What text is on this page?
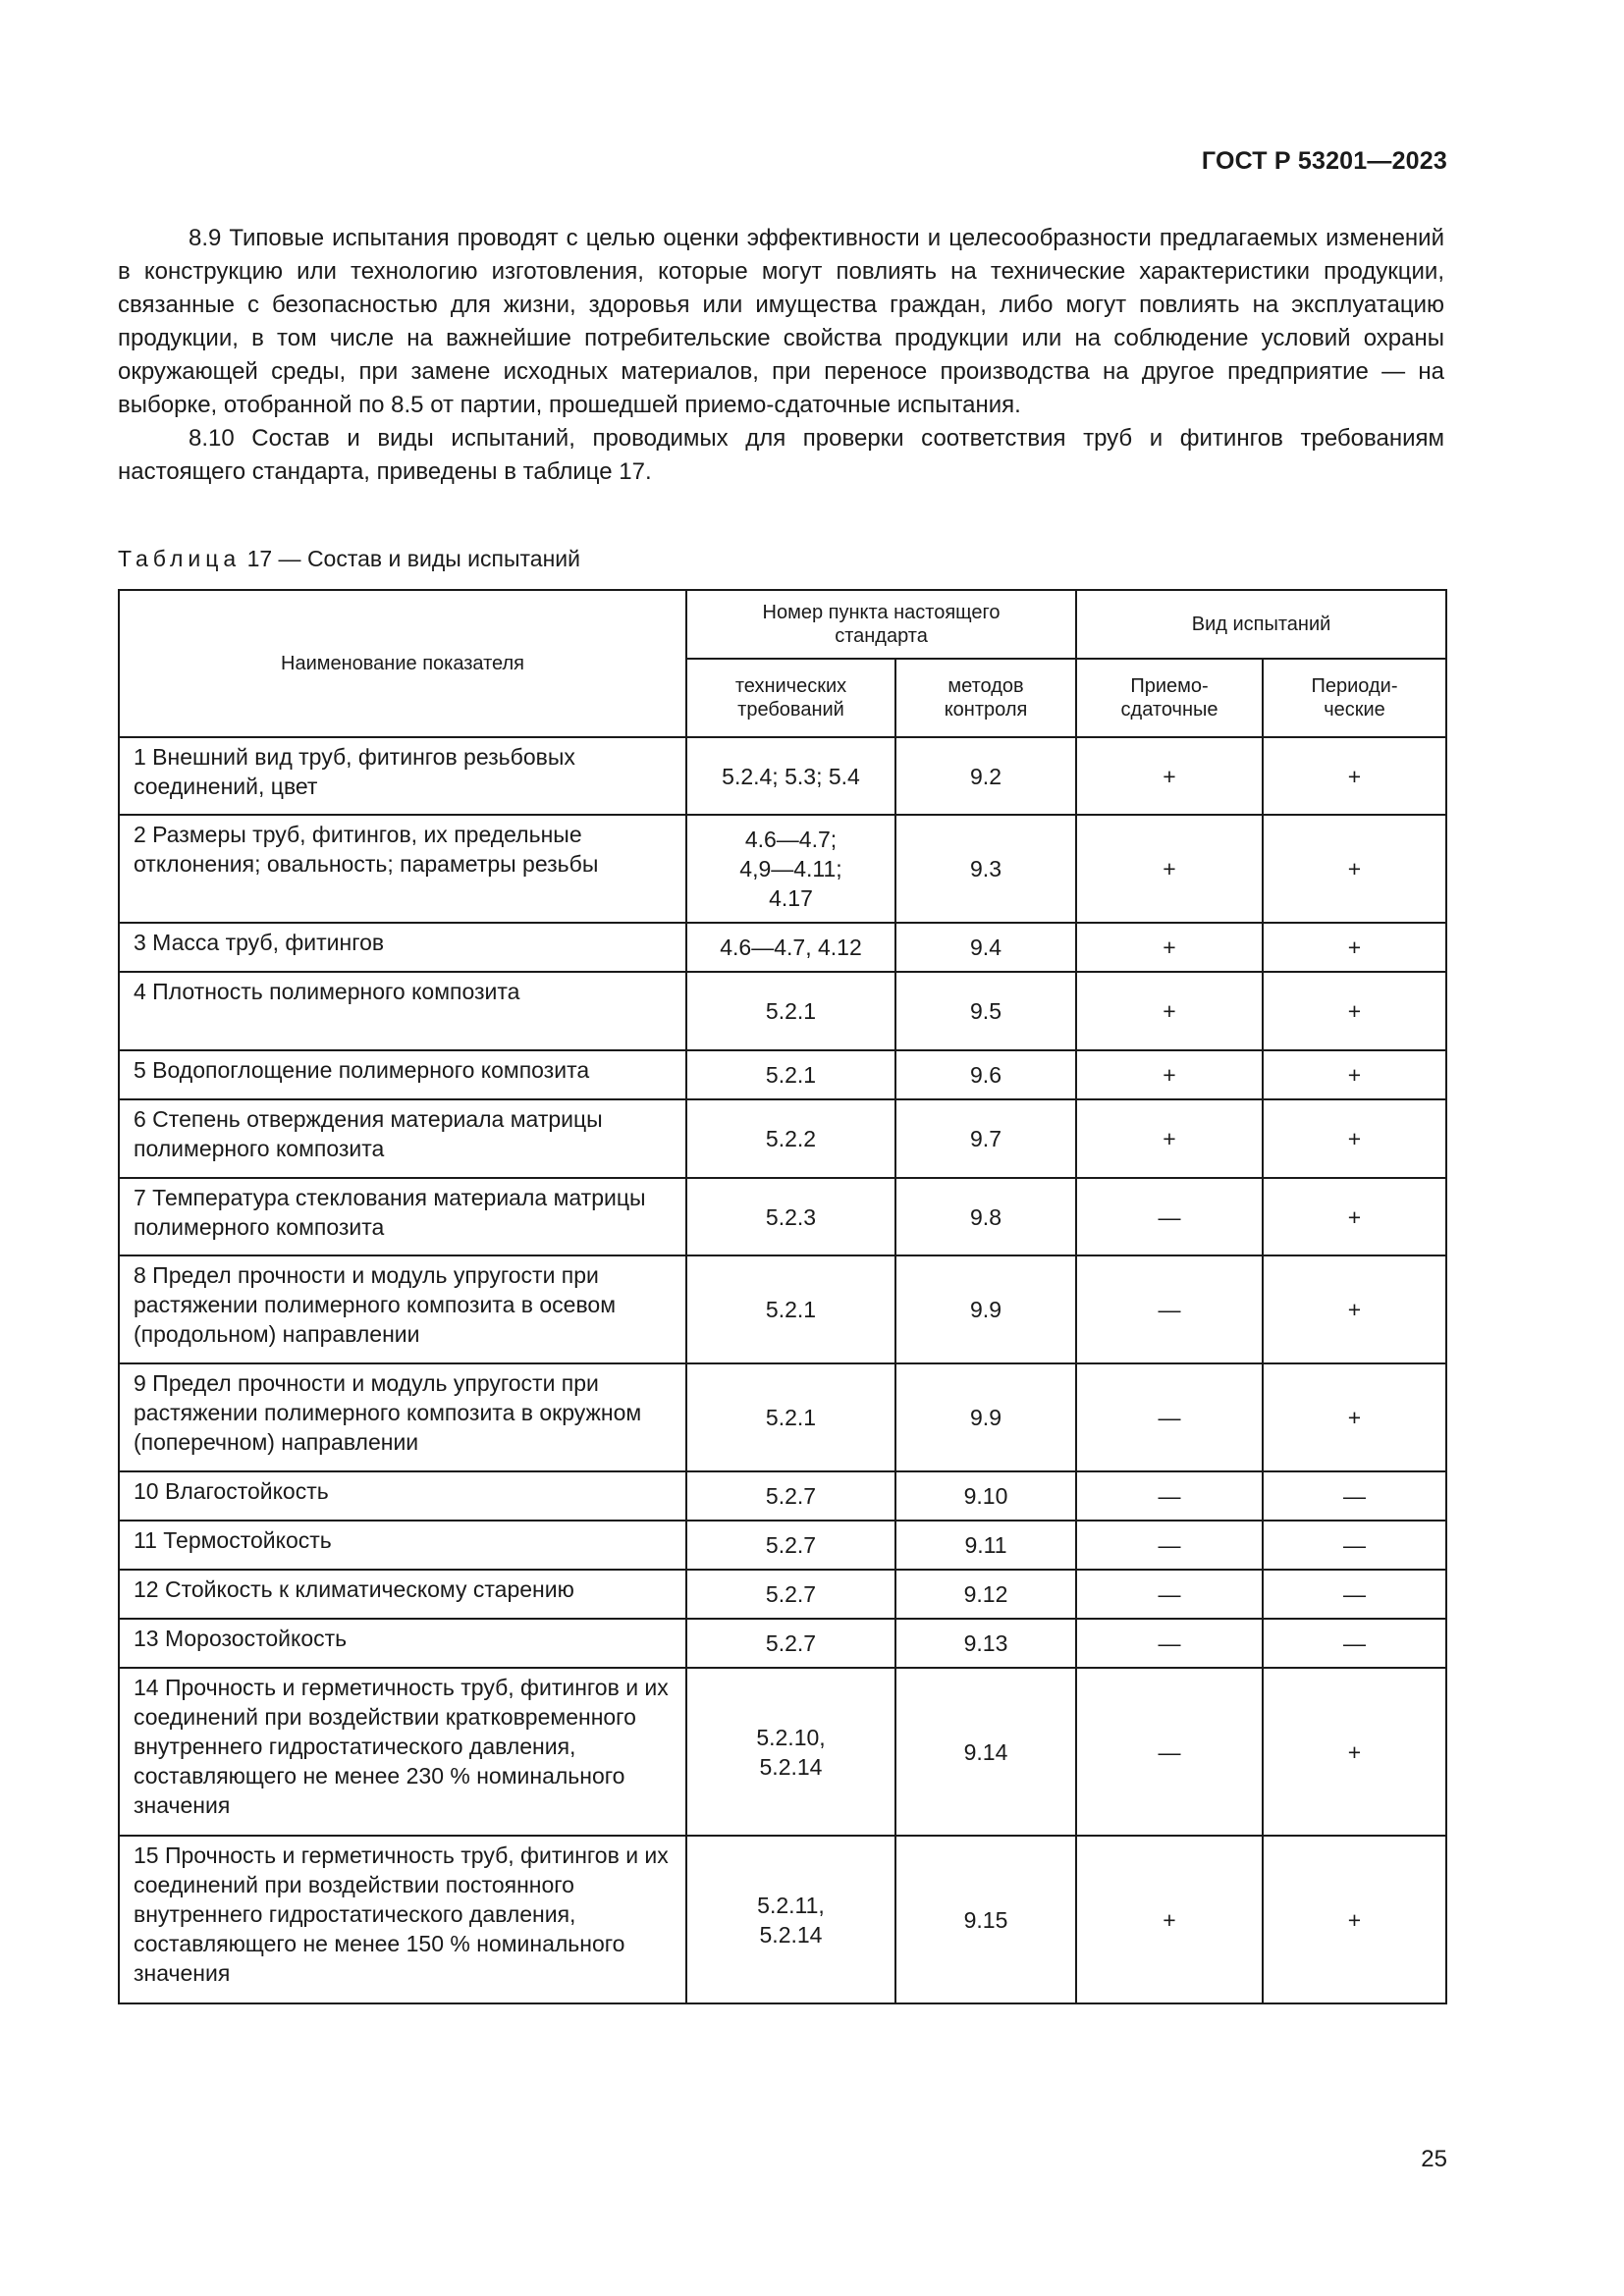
ГОСТ Р 53201—2023

8.9 Типовые испытания проводят с целью оценки эффективности и целесообразности предлагаемых изменений в конструкцию или технологию изготовления, которые могут повлиять на технические характеристики продукции, связанные с безопасностью для жизни, здоровья или имущества граждан, либо могут повлиять на эксплуатацию продукции, в том числе на важнейшие потребительские свойства продукции или на соблюдение условий охраны окружающей среды, при замене исходных материалов, при переносе производства на другое предприятие — на выборке, отобранной по 8.5 от партии, прошедшей приемо-сдаточные испытания.

8.10 Состав и виды испытаний, проводимых для проверки соответствия труб и фитингов требованиям настоящего стандарта, приведены в таблице 17.

Таблица 17 — Состав и виды испытаний
Наименование показателя	Номер пункта настоящего стандарта		Вид испытаний	
	технических требований	методов контроля	Приемо-сдаточные	Периоди-ческие
1 Внешний вид труб, фитингов резьбовых соединений, цвет	5.2.4; 5.3; 5.4	9.2	+	+
2 Размеры труб, фитингов, их предельные отклонения; овальность; параметры резьбы	4.6—4.7; 4,9—4.11; 4.17	9.3	+	+
3 Масса труб, фитингов	4.6—4.7, 4.12	9.4	+	+
4 Плотность полимерного композита	5.2.1	9.5	+	+
5 Водопоглощение полимерного композита	5.2.1	9.6	+	+
6 Степень отверждения материала матрицы полимерного композита	5.2.2	9.7	+	+
7 Температура стеклования материала матрицы полимерного композита	5.2.3	9.8	—	+
8 Предел прочности и модуль упругости при растяжении полимерного композита в осевом (продольном) направлении	5.2.1	9.9	—	+
9 Предел прочности и модуль упругости при растяжении полимерного композита в окружном (поперечном) направлении	5.2.1	9.9	—	+
10 Влагостойкость	5.2.7	9.10	—	—
11 Термостойкость	5.2.7	9.11	—	—
12 Стойкость к климатическому старению	5.2.7	9.12	—	—
13 Морозостойкость	5.2.7	9.13	—	—
14 Прочность и герметичность труб, фитингов и их соединений при воздействии кратковременного внутреннего гидростатического давления, составляющего не менее 230 % номинального значения	5.2.10, 5.2.14	9.14	—	+
15 Прочность и герметичность труб, фитингов и их соединений при воздействии постоянного внутреннего гидростатического давления, составляющего не менее 150 % номинального значения	5.2.11, 5.2.14	9.15	+	+
25
